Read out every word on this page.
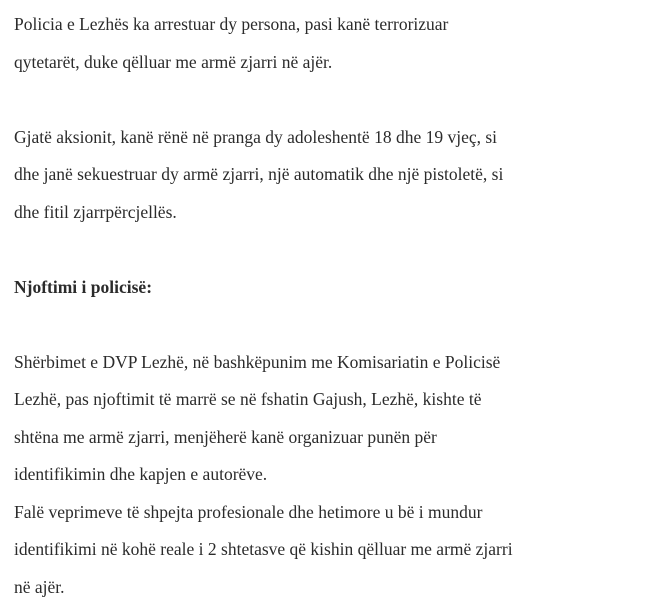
Policia e Lezhës ka arrestuar dy persona, pasi kanë terrorizuar
qytetarët, duke qëlluar me armë zjarri në ajër.
Gjatë aksionit, kanë rënë në pranga dy adoleshentë 18 dhe 19 vjeç, si
dhe janë sekuestruar dy armë zjarri, një automatik dhe një pistoletë, si
dhe fitil zjarrpërcjellës.
Njoftimi i policisë:
Shërbimet e DVP Lezhë, në bashkëpunim me Komisariatin e Policisë
Lezhë, pas njoftimit të marrë se në fshatin Gajush, Lezhë, kishte të
shtëna me armë zjarri, menjëherë kanë organizuar punën për
identifikimin dhe kapjen e autorëve.
Falë veprimeve të shpejta profesionale dhe hetimore u bë i mundur
identifikimi në kohë reale i 2 shtetasve që kishin qëlluar me armë zjarri
në ajër.
